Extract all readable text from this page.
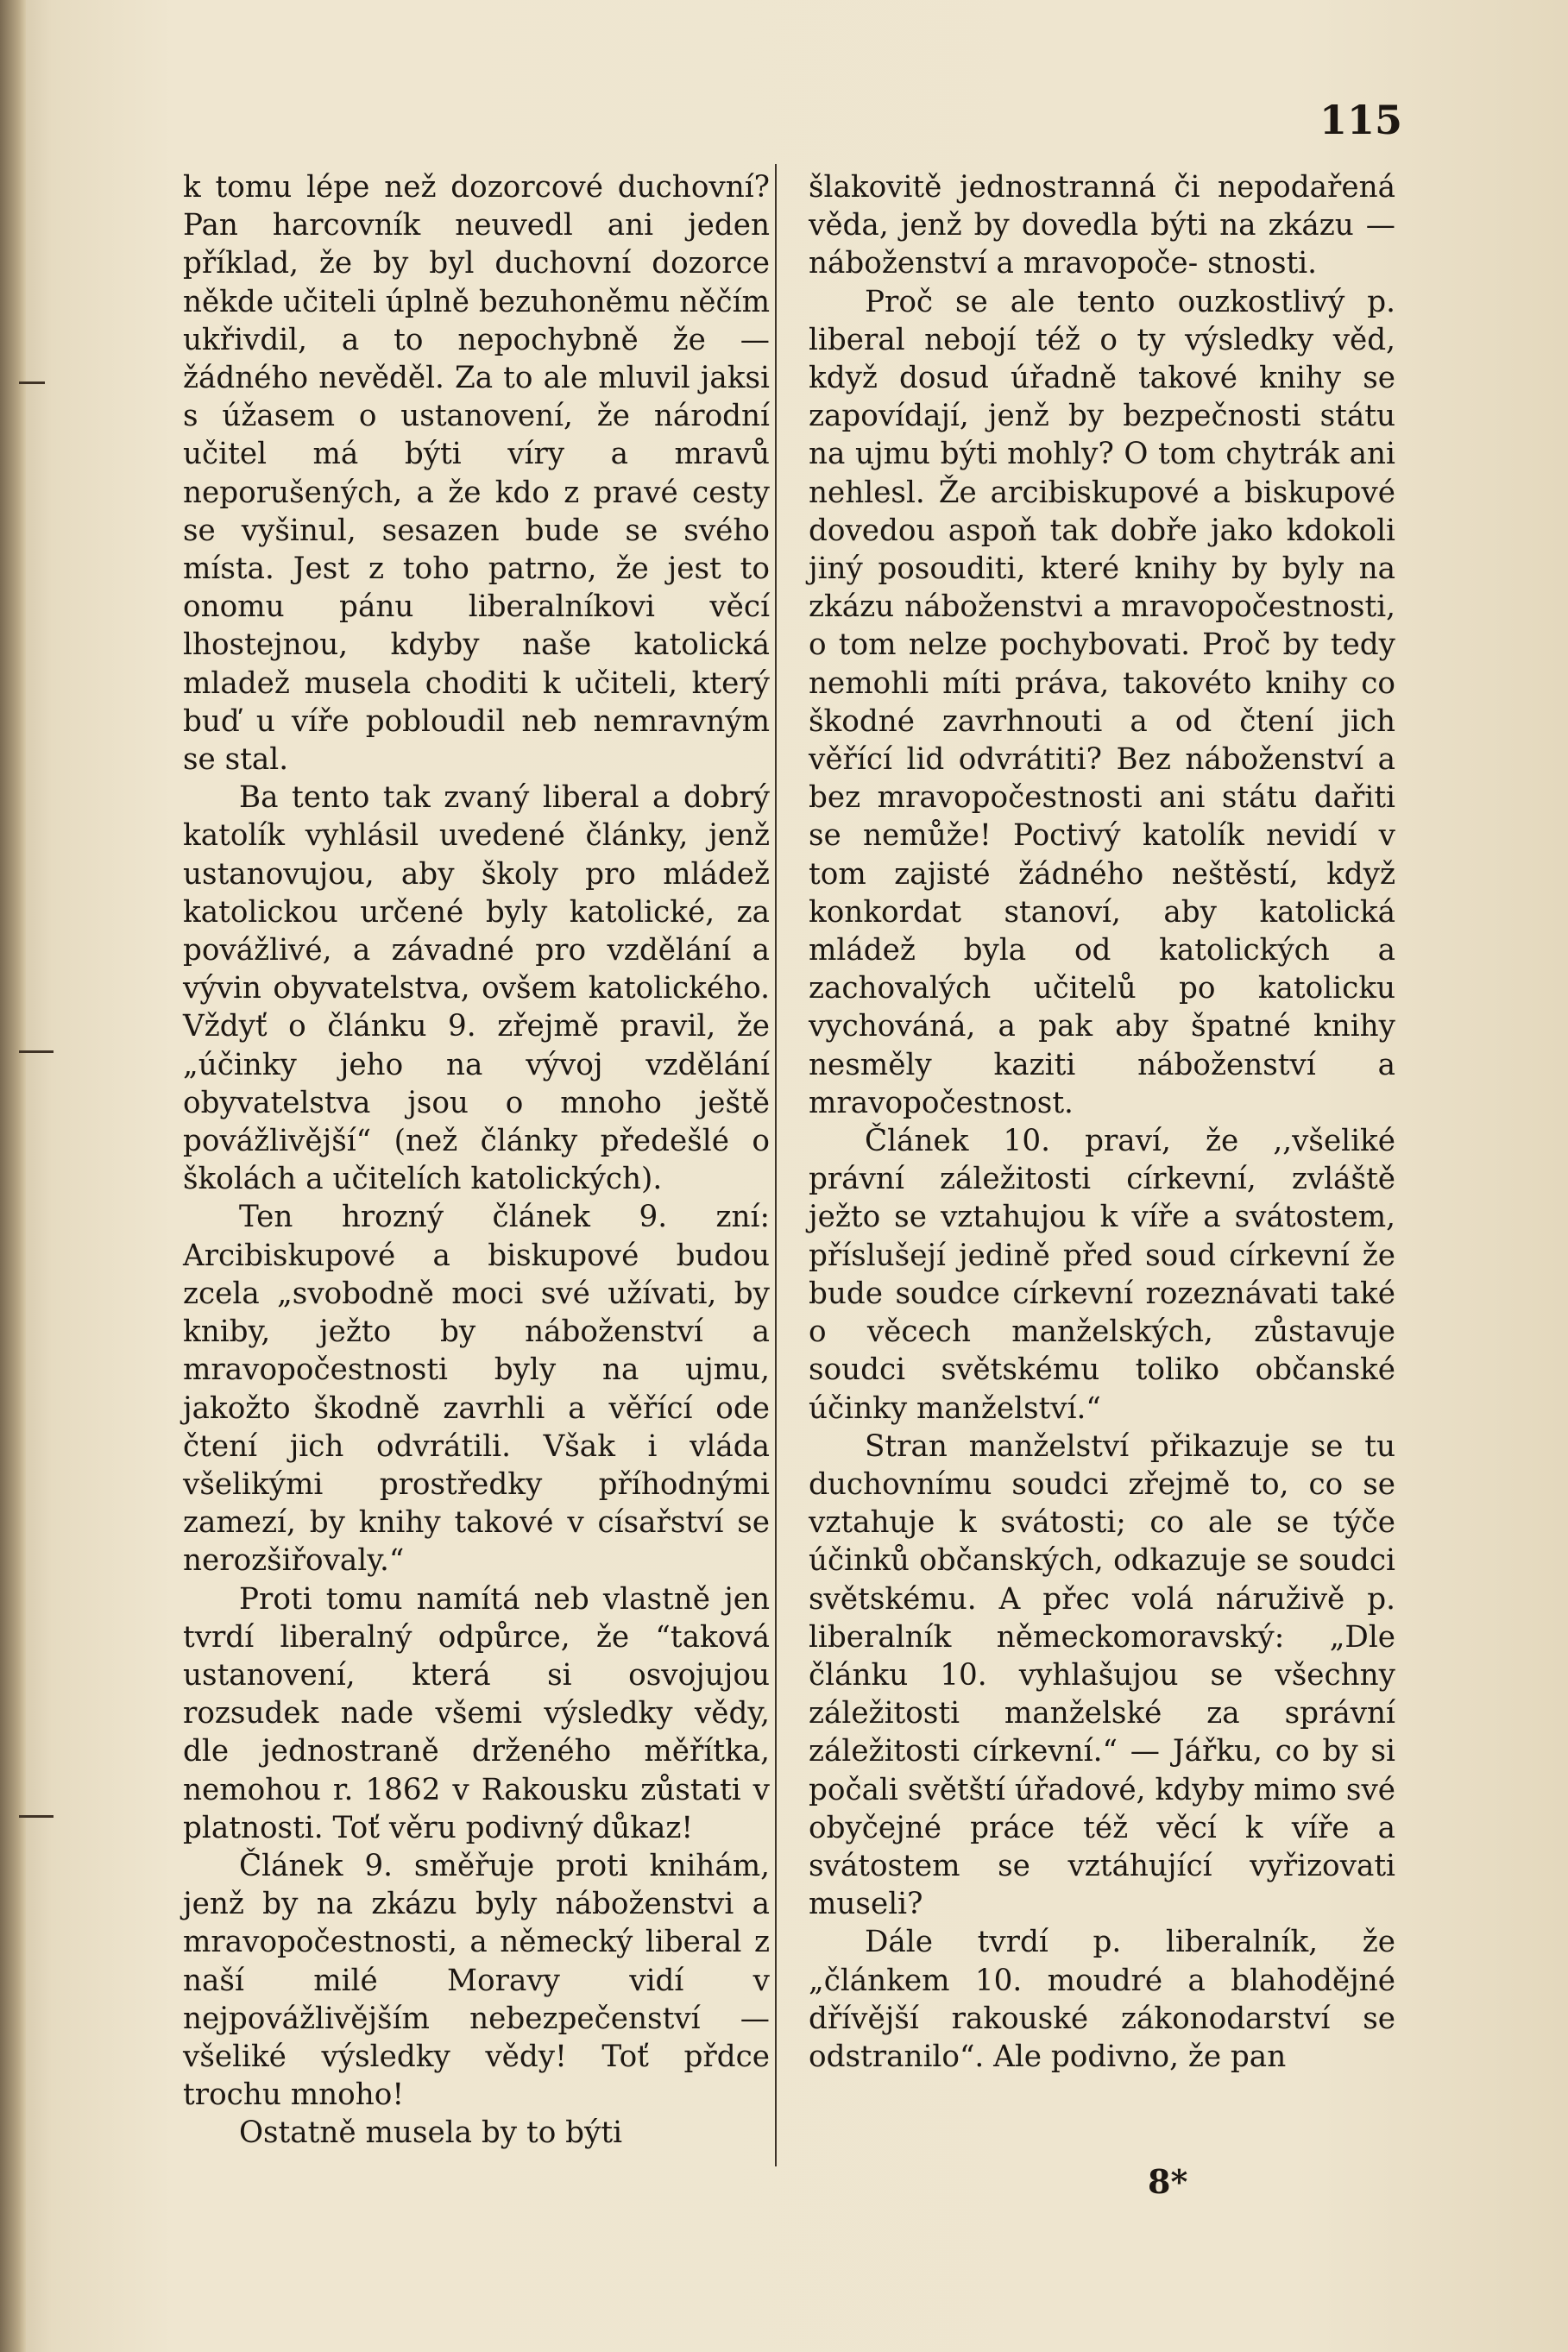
115

k tomu lépe než dozorcové duchovní? Pan harcovník neuvedl ani jeden příklad, že by byl duchovní dozorce někde učiteli úplně bezuhoněmu něčím ukřivdil, a to nepochybně že — žádného nevěděl. Za to ale mluvil jaksi s úžasem o ustanovení, že národní učitel má býti víry a mravů neporušených, a že kdo z pravé cesty se vyšinul, sesazen bude se svého místa. Jest z toho patrno, že jest to onomu pánu liberalníkovi věcí lhostejnou, kdyby naše katolická mladež musela choditi k učiteli, který buď u víře pobloudil neb nemravným se stal.

Ba tento tak zvaný liberal a dobrý katolík vyhlásil uvedené články, jenž ustanovujou, aby školy pro mládež katolickou určené byly katolické, za povážlivé, a závadné pro vzdělání a vývin obyvatelstva, ovšem katolického. Vždyť o článku 9. zřejmě pravil, že „účinky jeho na vývoj vzdělání obyvatelstva jsou o mnoho ještě povážlivější“ (než články předešlé o školách a učitelích katolických).

Ten hrozný článek 9. zní: Arcibiskupové a biskupové budou zcela „svobodně moci své užívati, by kniby, ježto by náboženství a mravopočestnosti byly na ujmu, jakožto škodně zavrhli a věřící ode čtení jich odvrátili. Však i vláda všelikými prostředky příhodnými zamezí, by knihy takové v císařství se nerozšiřovaly.“

Proti tomu namítá neb vlastně jen tvrdí liberalný odpůrce, že “taková ustanovení, která si osvojujou rozsudek nade všemi výsledky vědy, dle jednostraně drženého měřítka, nemohou r. 1862 v Rakousku zůstati v platnosti. Toť věru podivný důkaz!

Článek 9. směřuje proti knihám, jenž by na zkázu byly náboženstvi a mravopočestnosti, a německý liberal z naší milé Moravy vidí v nejpovážlivějším nebezpečenství — všeliké výsledky vědy! Toť přdce trochu mnoho!

Ostatně musela by to býti

šlakovitě jednostranná či nepodařená věda, jenž by dovedla býti na zkázu — náboženství a mravopoče- stnosti.

Proč se ale tento ouzkostlivý p. liberal nebojí též o ty výsledky věd, když dosud úřadně takové knihy se zapovídají, jenž by bezpečnosti státu na ujmu býti mohly? O tom chytrák ani nehlesl. Že arcibiskupové a biskupové dovedou aspoň tak dobře jako kdokoli jiný posouditi, které knihy by byly na zkázu náboženstvi a mravopočestnosti, o tom nelze pochybovati. Proč by tedy nemohli míti práva, takovéto knihy co škodné zavrhnouti a od čtení jich věřící lid odvrátiti? Bez náboženství a bez mravopočestnosti ani státu dařiti se nemůže! Poctivý katolík nevidí v tom zajisté žádného neštěstí, když konkordat stanoví, aby katolická mládež byla od katolických a zachovalých učitelů po katolicku vychováná, a pak aby špatné knihy nesměly kaziti náboženství a mravopočestnost.

Článek 10. praví, že ,,všeliké právní záležitosti církevní, zvláště ježto se vztahujou k víře a svátostem, příslušejí jedině před soud církevní že bude soudce církevní rozeznávati také o věcech manželských, zůstavuje soudci světskému toliko občanské účinky manželství.“

Stran manželství přikazuje se tu duchovnímu soudci zřejmě to, co se vztahuje k svátosti; co ale se týče účinků občanských, odkazuje se soudci světskému. A přec volá náruživě p. liberalník německomoravský: „Dle článku 10. vyhlašujou se všechny záležitosti manželské za správní záležitosti církevní.“ — Jářku, co by si počali světští úřadové, kdyby mimo své obyčejné práce též věcí k víře a svátostem se vztáhující vyřizovati museli?

Dále tvrdí p. liberalník, že „článkem 10. moudré a blahodějné dřívější rakouské zákonodarství se odstranilo“. Ale podivno, že pan

8*
